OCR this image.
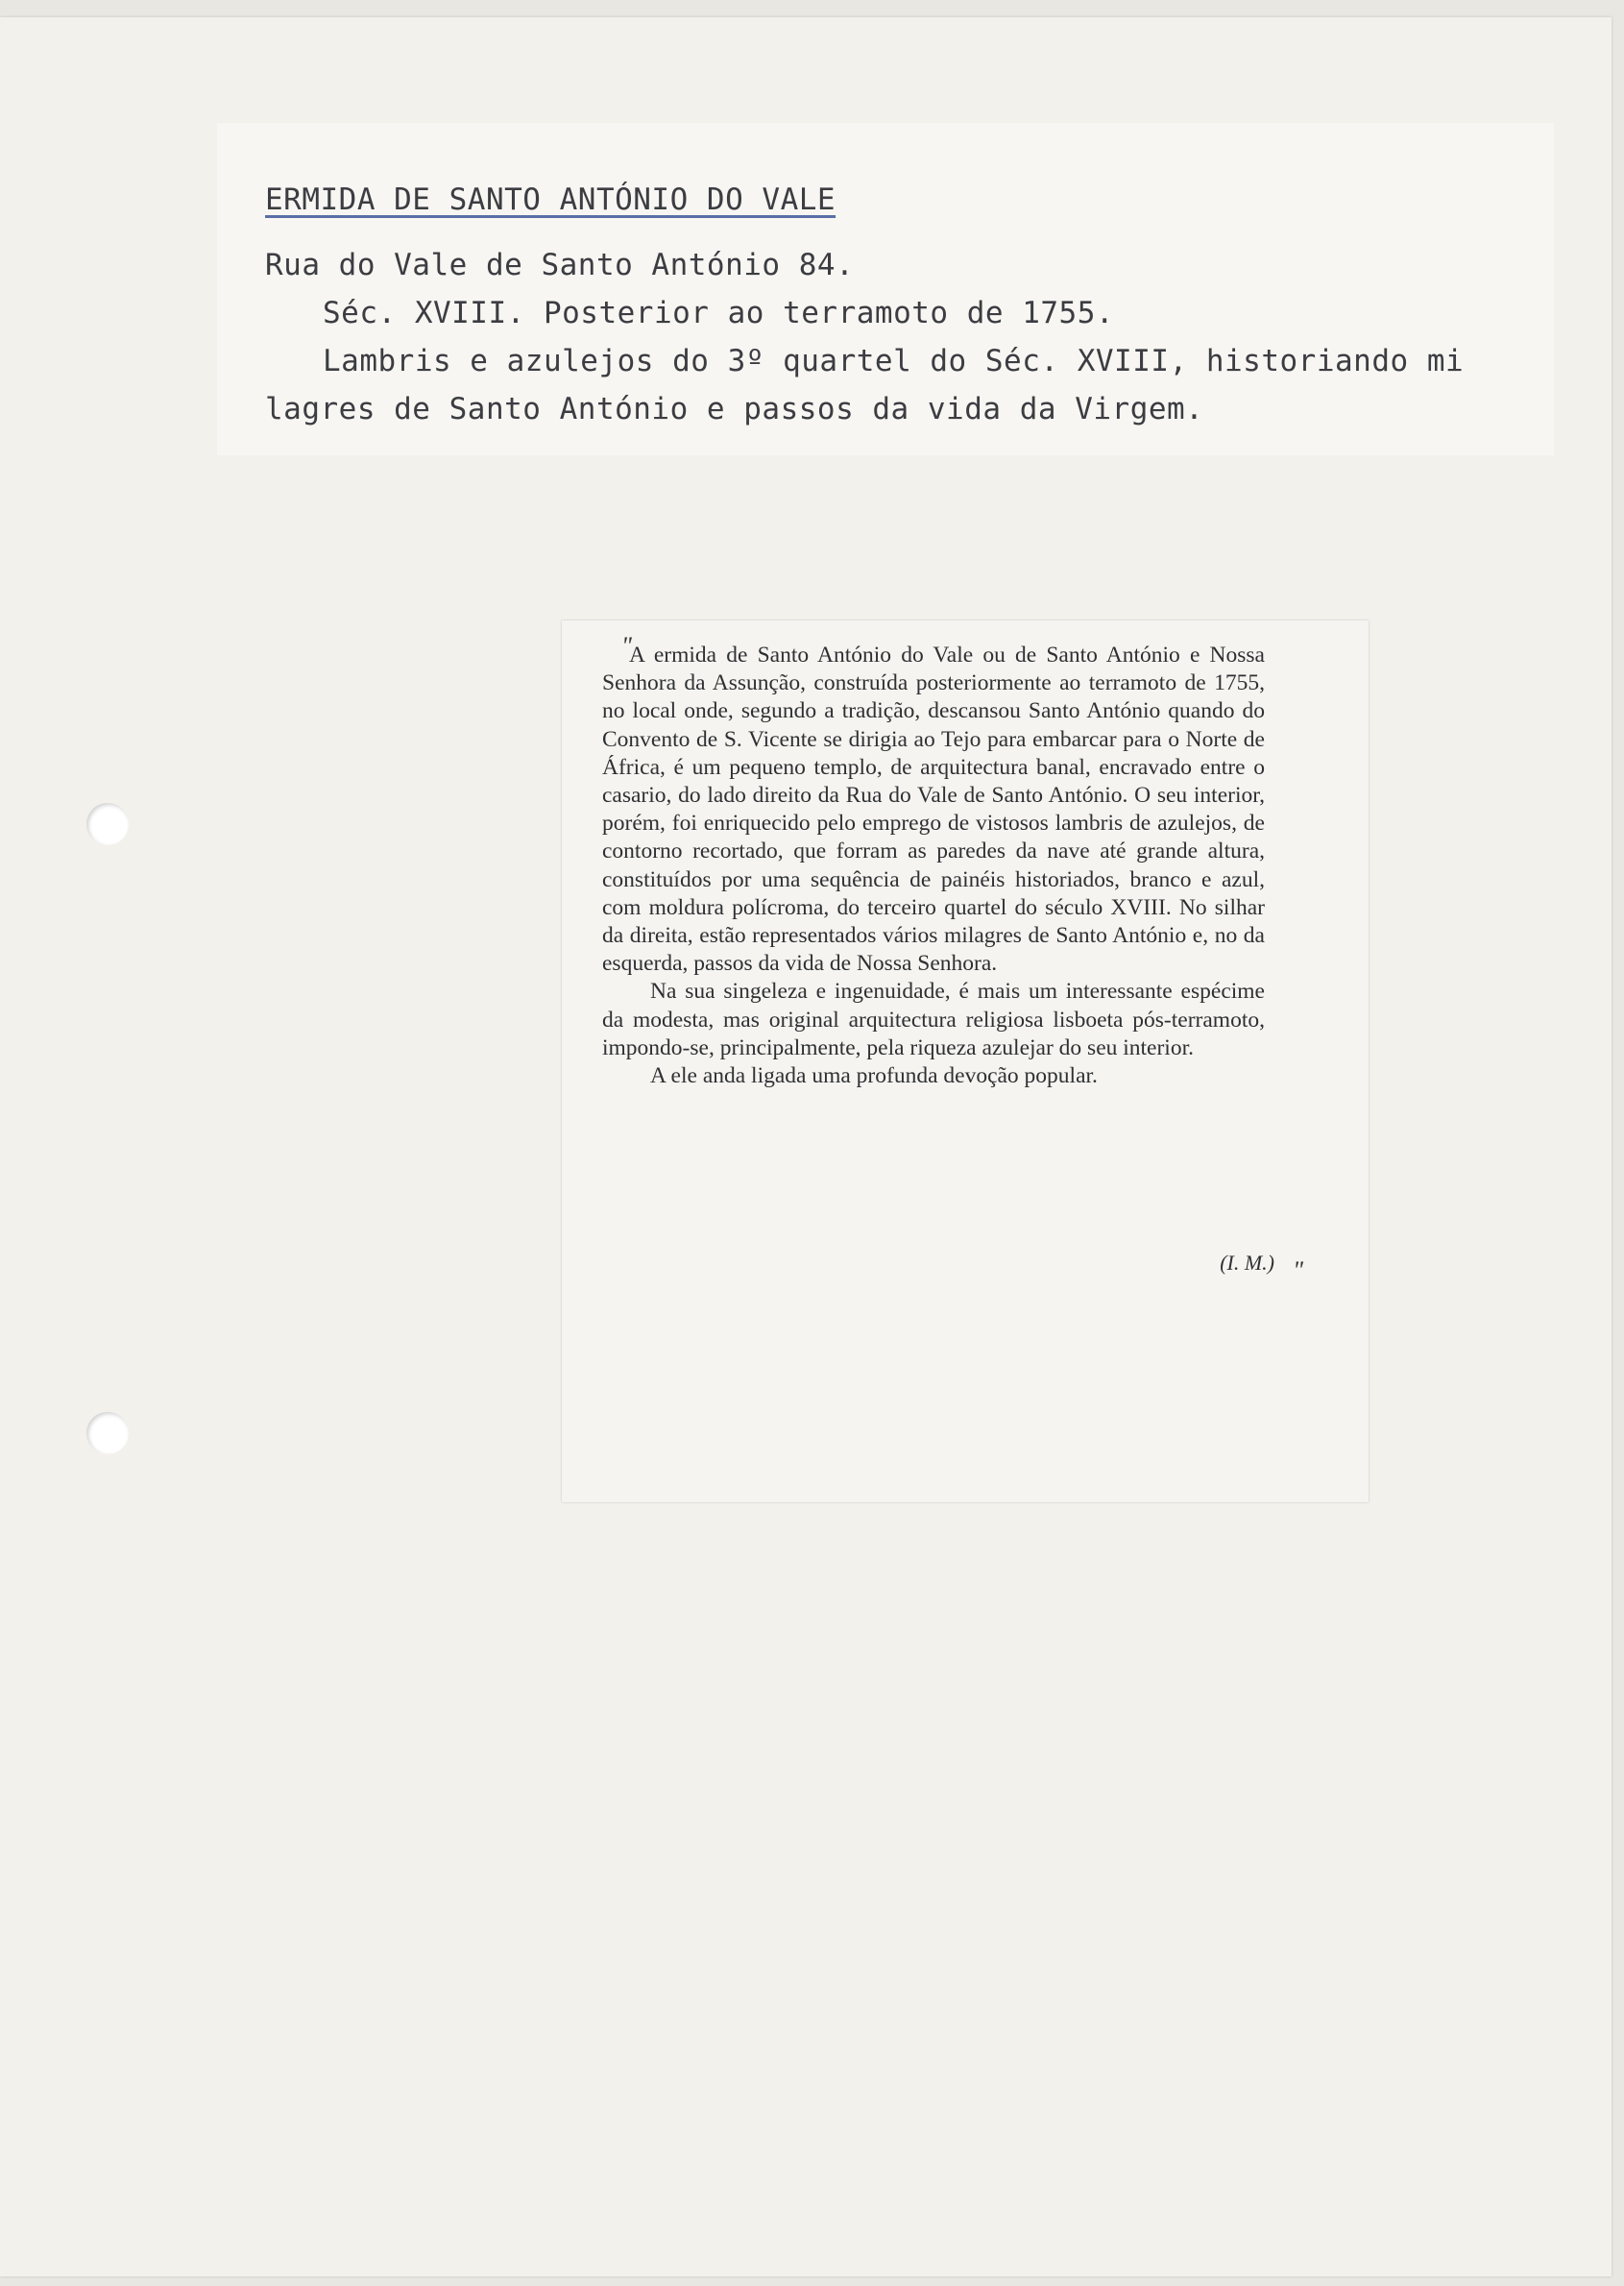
ERMIDA DE SANTO ANTÓNIO DO VALE
Rua do Vale de Santo António 84.
Séc. XVIII. Posterior ao terramoto de 1755.
Lambris e azulejos do 3º quartel do Séc. XVIII, historiando mi
lagres de Santo António e passos da vida da Virgem.
"

A ermida de Santo António do Vale ou de Santo António e Nossa Senhora da Assunção, construída posteriormente ao terramoto de 1755, no local onde, segundo a tradição, descansou Santo António quando do Convento de S. Vicente se dirigia ao Tejo para embarcar para o Norte de África, é um pequeno templo, de arquitectura banal, encravado entre o casario, do lado direito da Rua do Vale de Santo António. O seu interior, porém, foi enriquecido pelo emprego de vistosos lambris de azulejos, de contorno recortado, que forram as paredes da nave até grande altura, constituídos por uma sequência de painéis historiados, branco e azul, com moldura polícroma, do terceiro quartel do século XVIII. No silhar da direita, estão representados vários milagres de Santo António e, no da esquerda, passos da vida de Nossa Senhora.

Na sua singeleza e ingenuidade, é mais um interessante espécime da modesta, mas original arquitectura religiosa lisboeta pós-terramoto, impondo-se, principalmente, pela riqueza azulejar do seu interior.

A ele anda ligada uma profunda devoção popular.

(I. M.) "
